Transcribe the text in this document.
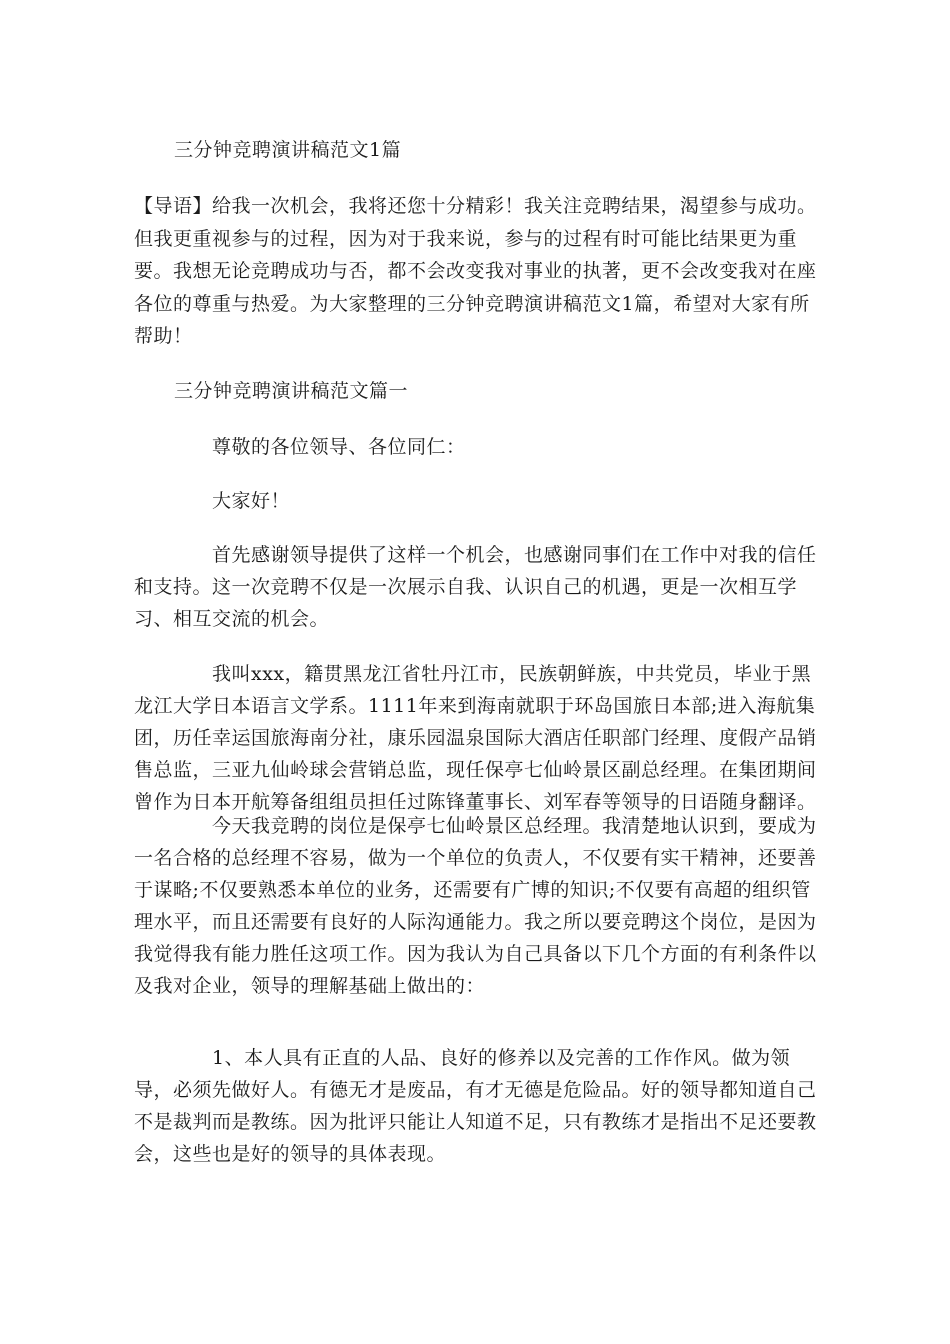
三分钟竞聘演讲稿范文1篇

【导语】给我一次机会，我将还您十分精彩！我关注竞聘结果，渴望参与成功。但我更重视参与的过程，因为对于我来说，参与的过程有时可能比结果更为重要。我想无论竞聘成功与否，都不会改变我对事业的执著，更不会改变我对在座各位的尊重与热爱。为大家整理的三分钟竞聘演讲稿范文1篇，希望对大家有所帮助！

三分钟竞聘演讲稿范文篇一

尊敬的各位领导、各位同仁：

大家好！

首先感谢领导提供了这样一个机会，也感谢同事们在工作中对我的信任和支持。这一次竞聘不仅是一次展示自我、认识自己的机遇，更是一次相互学习、相互交流的机会。

我叫xxx，籍贯黑龙江省牡丹江市，民族朝鲜族，中共党员，毕业于黑龙江大学日本语言文学系。1111年来到海南就职于环岛国旅日本部;进入海航集团，历任幸运国旅海南分社，康乐园温泉国际大酒店任职部门经理、度假产品销售总监，三亚九仙岭球会营销总监，现任保亭七仙岭景区副总经理。在集团期间曾作为日本开航筹备组组员担任过陈锋董事长、刘军春等领导的日语随身翻译。

今天我竞聘的岗位是保亭七仙岭景区总经理。我清楚地认识到，要成为一名合格的总经理不容易，做为一个单位的负责人，不仅要有实干精神，还要善于谋略;不仅要熟悉本单位的业务，还需要有广博的知识;不仅要有高超的组织管理水平，而且还需要有良好的人际沟通能力。我之所以要竞聘这个岗位，是因为我觉得我有能力胜任这项工作。因为我认为自己具备以下几个方面的有利条件以及我对企业，领导的理解基础上做出的：

1、本人具有正直的人品、良好的修养以及完善的工作作风。做为领导，必须先做好人。有德无才是废品，有才无德是危险品。好的领导都知道自己不是裁判而是教练。因为批评只能让人知道不足，只有教练才是指出不足还要教会，这些也是好的领导的具体表现。
